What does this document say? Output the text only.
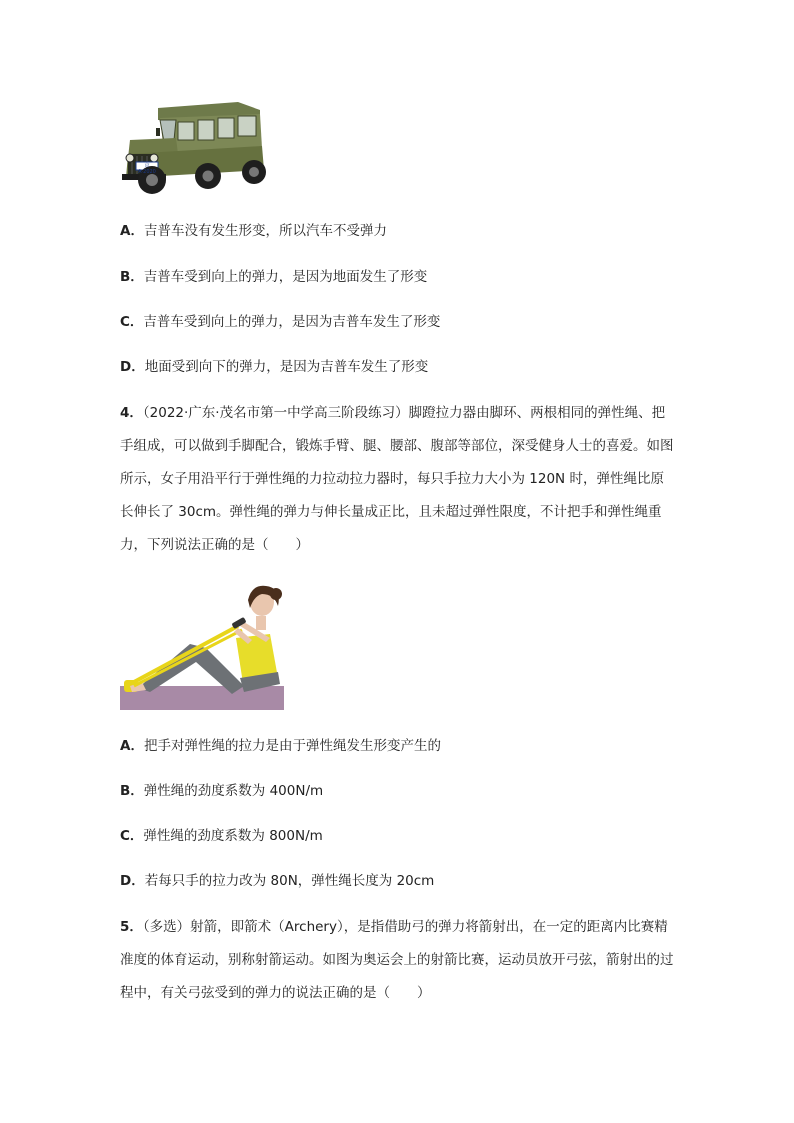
京A·2020
A．吉普车没有发生形变，所以汽车不受弹力
B．吉普车受到向上的弹力，是因为地面发生了形变
C．吉普车受到向上的弹力，是因为吉普车发生了形变
D．地面受到向下的弹力，是因为吉普车发生了形变
4．（2022·广东·茂名市第一中学高三阶段练习）脚蹬拉力器由脚环、两根相同的弹性绳、把手组成，可以做到手脚配合，锻炼手臂、腿、腰部、腹部等部位，深受健身人士的喜爱。如图所示，女子用沿平行于弹性绳的力拉动拉力器时，每只手拉力大小为 120N 时，弹性绳比原长伸长了 30cm。弹性绳的弹力与伸长量成正比，且未超过弹性限度，不计把手和弹性绳重力，下列说法正确的是（　　）
A．把手对弹性绳的拉力是由于弹性绳发生形变产生的
B．弹性绳的劲度系数为 400N/m
C．弹性绳的劲度系数为 800N/m
D．若每只手的拉力改为 80N，弹性绳长度为 20cm
5．（多选）射箭，即箭术（Archery），是指借助弓的弹力将箭射出，在一定的距离内比赛精准度的体育运动，别称射箭运动。如图为奥运会上的射箭比赛，运动员放开弓弦，箭射出的过程中，有关弓弦受到的弹力的说法正确的是（　　）
